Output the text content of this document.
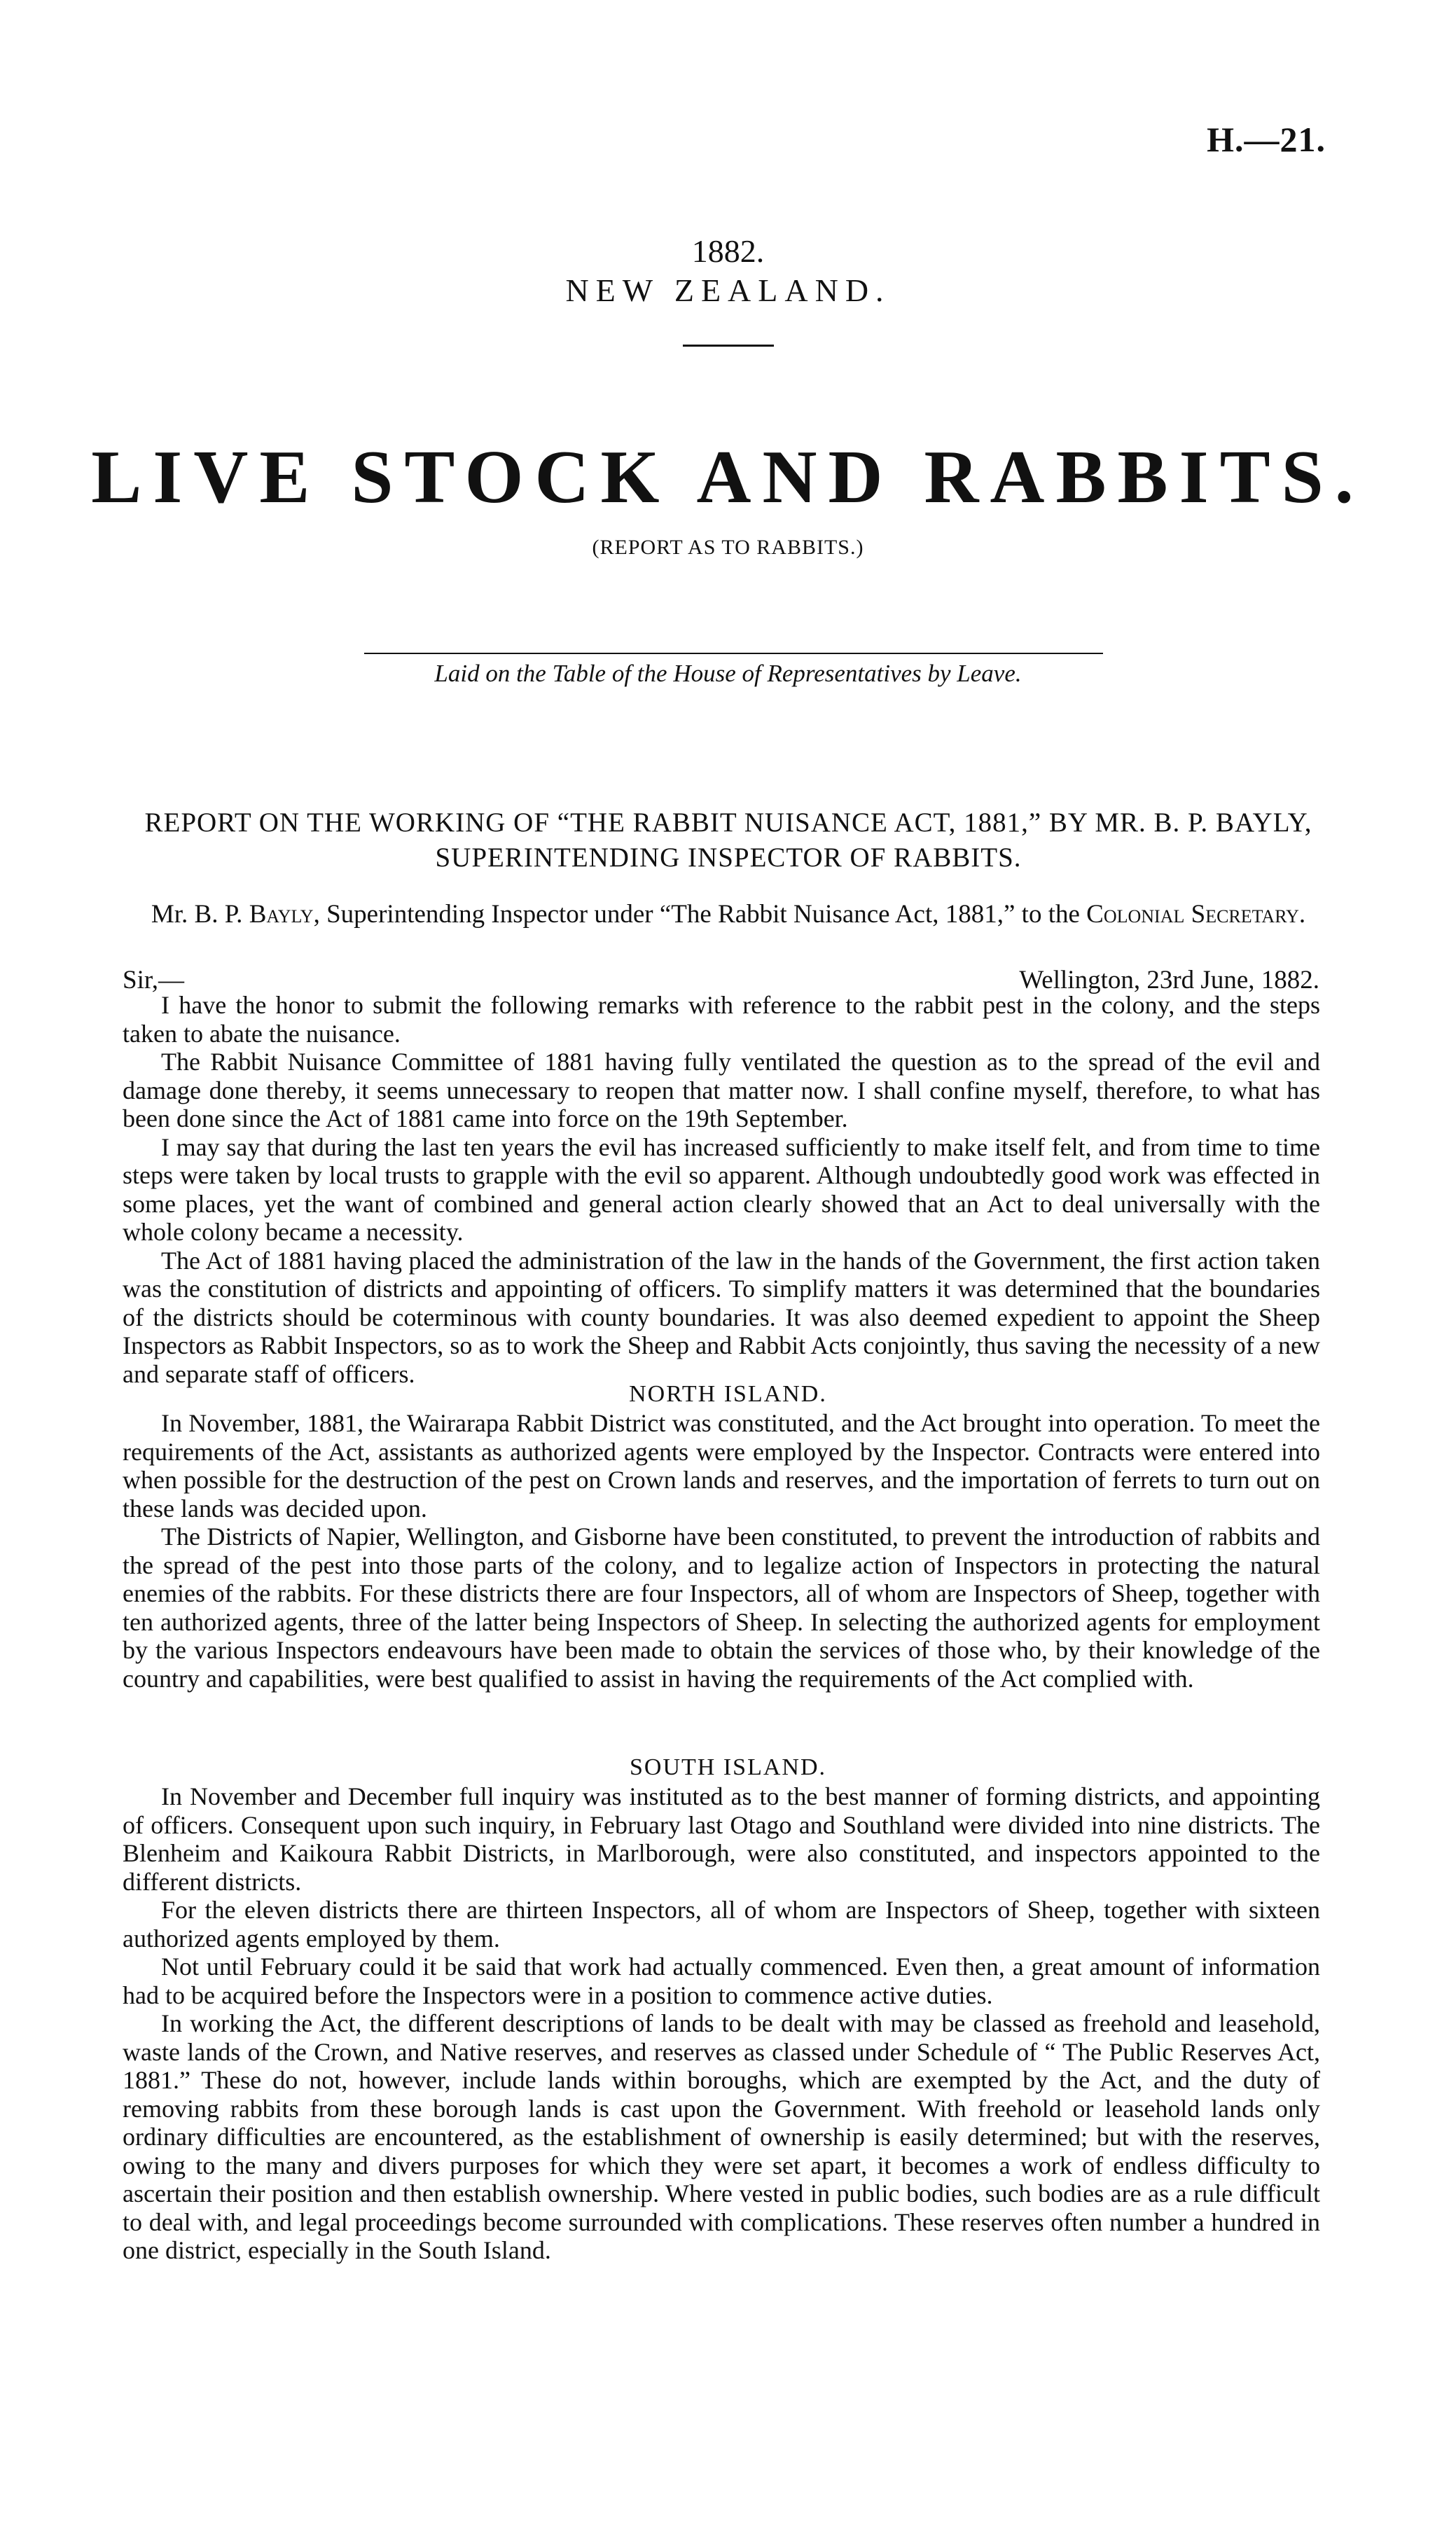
H.—21.
1882.
NEW ZEALAND.
LIVE STOCK AND RABBITS.
(REPORT AS TO RABBITS.)
Laid on the Table of the House of Representatives by Leave.
REPORT ON THE WORKING OF “THE RABBIT NUISANCE ACT, 1881,” BY MR. B. P. BAYLY, SUPERINTENDING INSPECTOR OF RABBITS.
Mr. B. P. Bayly, Superintending Inspector under “The Rabbit Nuisance Act, 1881,” to the Colonial Secretary.
Sir,—	Wellington, 23rd June, 1882.

I have the honor to submit the following remarks with reference to the rabbit pest in the colony, and the steps taken to abate the nuisance.

The Rabbit Nuisance Committee of 1881 having fully ventilated the question as to the spread of the evil and damage done thereby, it seems unnecessary to reopen that matter now. I shall confine myself, therefore, to what has been done since the Act of 1881 came into force on the 19th September.

I may say that during the last ten years the evil has increased sufficiently to make itself felt, and from time to time steps were taken by local trusts to grapple with the evil so apparent. Although undoubtedly good work was effected in some places, yet the want of combined and general action clearly showed that an Act to deal universally with the whole colony became a necessity.

The Act of 1881 having placed the administration of the law in the hands of the Government, the first action taken was the constitution of districts and appointing of officers. To simplify matters it was determined that the boundaries of the districts should be coterminous with county boundaries. It was also deemed expedient to appoint the Sheep Inspectors as Rabbit Inspectors, so as to work the Sheep and Rabbit Acts conjointly, thus saving the necessity of a new and separate staff of officers.

NORTH ISLAND.

In November, 1881, the Wairarapa Rabbit District was constituted, and the Act brought into operation. To meet the requirements of the Act, assistants as authorized agents were employed by the Inspector. Contracts were entered into when possible for the destruction of the pest on Crown lands and reserves, and the importation of ferrets to turn out on these lands was decided upon.

The Districts of Napier, Wellington, and Gisborne have been constituted, to prevent the introduction of rabbits and the spread of the pest into those parts of the colony, and to legalize action of Inspectors in protecting the natural enemies of the rabbits. For these districts there are four Inspectors, all of whom are Inspectors of Sheep, together with ten authorized agents, three of the latter being Inspectors of Sheep. In selecting the authorized agents for employment by the various Inspectors endeavours have been made to obtain the services of those who, by their knowledge of the country and capabilities, were best qualified to assist in having the requirements of the Act complied with.

SOUTH ISLAND.

In November and December full inquiry was instituted as to the best manner of forming districts, and appointing of officers. Consequent upon such inquiry, in February last Otago and Southland were divided into nine districts. The Blenheim and Kaikoura Rabbit Districts, in Marlborough, were also constituted, and inspectors appointed to the different districts.

For the eleven districts there are thirteen Inspectors, all of whom are Inspectors of Sheep, together with sixteen authorized agents employed by them.

Not until February could it be said that work had actually commenced. Even then, a great amount of information had to be acquired before the Inspectors were in a position to commence active duties.

In working the Act, the different descriptions of lands to be dealt with may be classed as freehold and leasehold, waste lands of the Crown, and Native reserves, and reserves as classed under Schedule of “ The Public Reserves Act, 1881.” These do not, however, include lands within boroughs, which are exempted by the Act, and the duty of removing rabbits from these borough lands is cast upon the Government. With freehold or leasehold lands only ordinary difficulties are encountered, as the establishment of ownership is easily determined; but with the reserves, owing to the many and divers purposes for which they were set apart, it becomes a work of endless difficulty to ascertain their position and then establish ownership. Where vested in public bodies, such bodies are as a rule difficult to deal with, and legal proceedings become surrounded with complications. These reserves often number a hundred in one district, especially in the South Island.
